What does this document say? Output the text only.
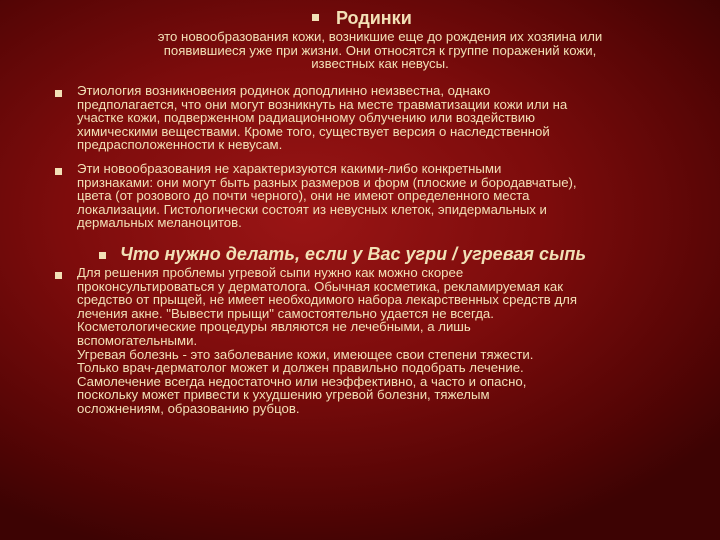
Родинки
это новообразования кожи, возникшие еще до рождения их хозяина или
появившиеся уже при жизни. Они относятся к группе поражений кожи,
известных как невусы.
Этиология возникновения родинок доподлинно неизвестна, однако
предполагается, что они могут возникнуть на месте травматизации кожи или на
участке кожи, подверженном радиационному облучению или воздействию
химическими веществами. Кроме того, существует версия о наследственной
предрасположенности к невусам.
Эти новообразования не характеризуются какими-либо конкретными
признаками: они могут быть разных размеров и форм (плоские и бородавчатые),
цвета (от розового до почти черного), они не имеют определенного места
локализации. Гистологически состоят из невусных клеток, эпидермальных и
дермальных меланоцитов.
Что нужно делать, если у Вас угри / угревая сыпь
Для решения проблемы угревой сыпи нужно как можно скорее
проконсультироваться у дерматолога. Обычная косметика, рекламируемая как
средство от прыщей, не имеет необходимого набора лекарственных средств для
лечения акне. "Вывести прыщи" самостоятельно удается не всегда.
Косметологические процедуры являются не лечебными, а лишь
вспомогательными.
Угревая болезнь - это заболевание кожи, имеющее свои степени тяжести.
Только врач-дерматолог может и должен правильно подобрать лечение.
Самолечение всегда недостаточно или неэффективно, а часто и опасно,
поскольку может привести к ухудшению угревой болезни, тяжелым
осложнениям, образованию рубцов.
